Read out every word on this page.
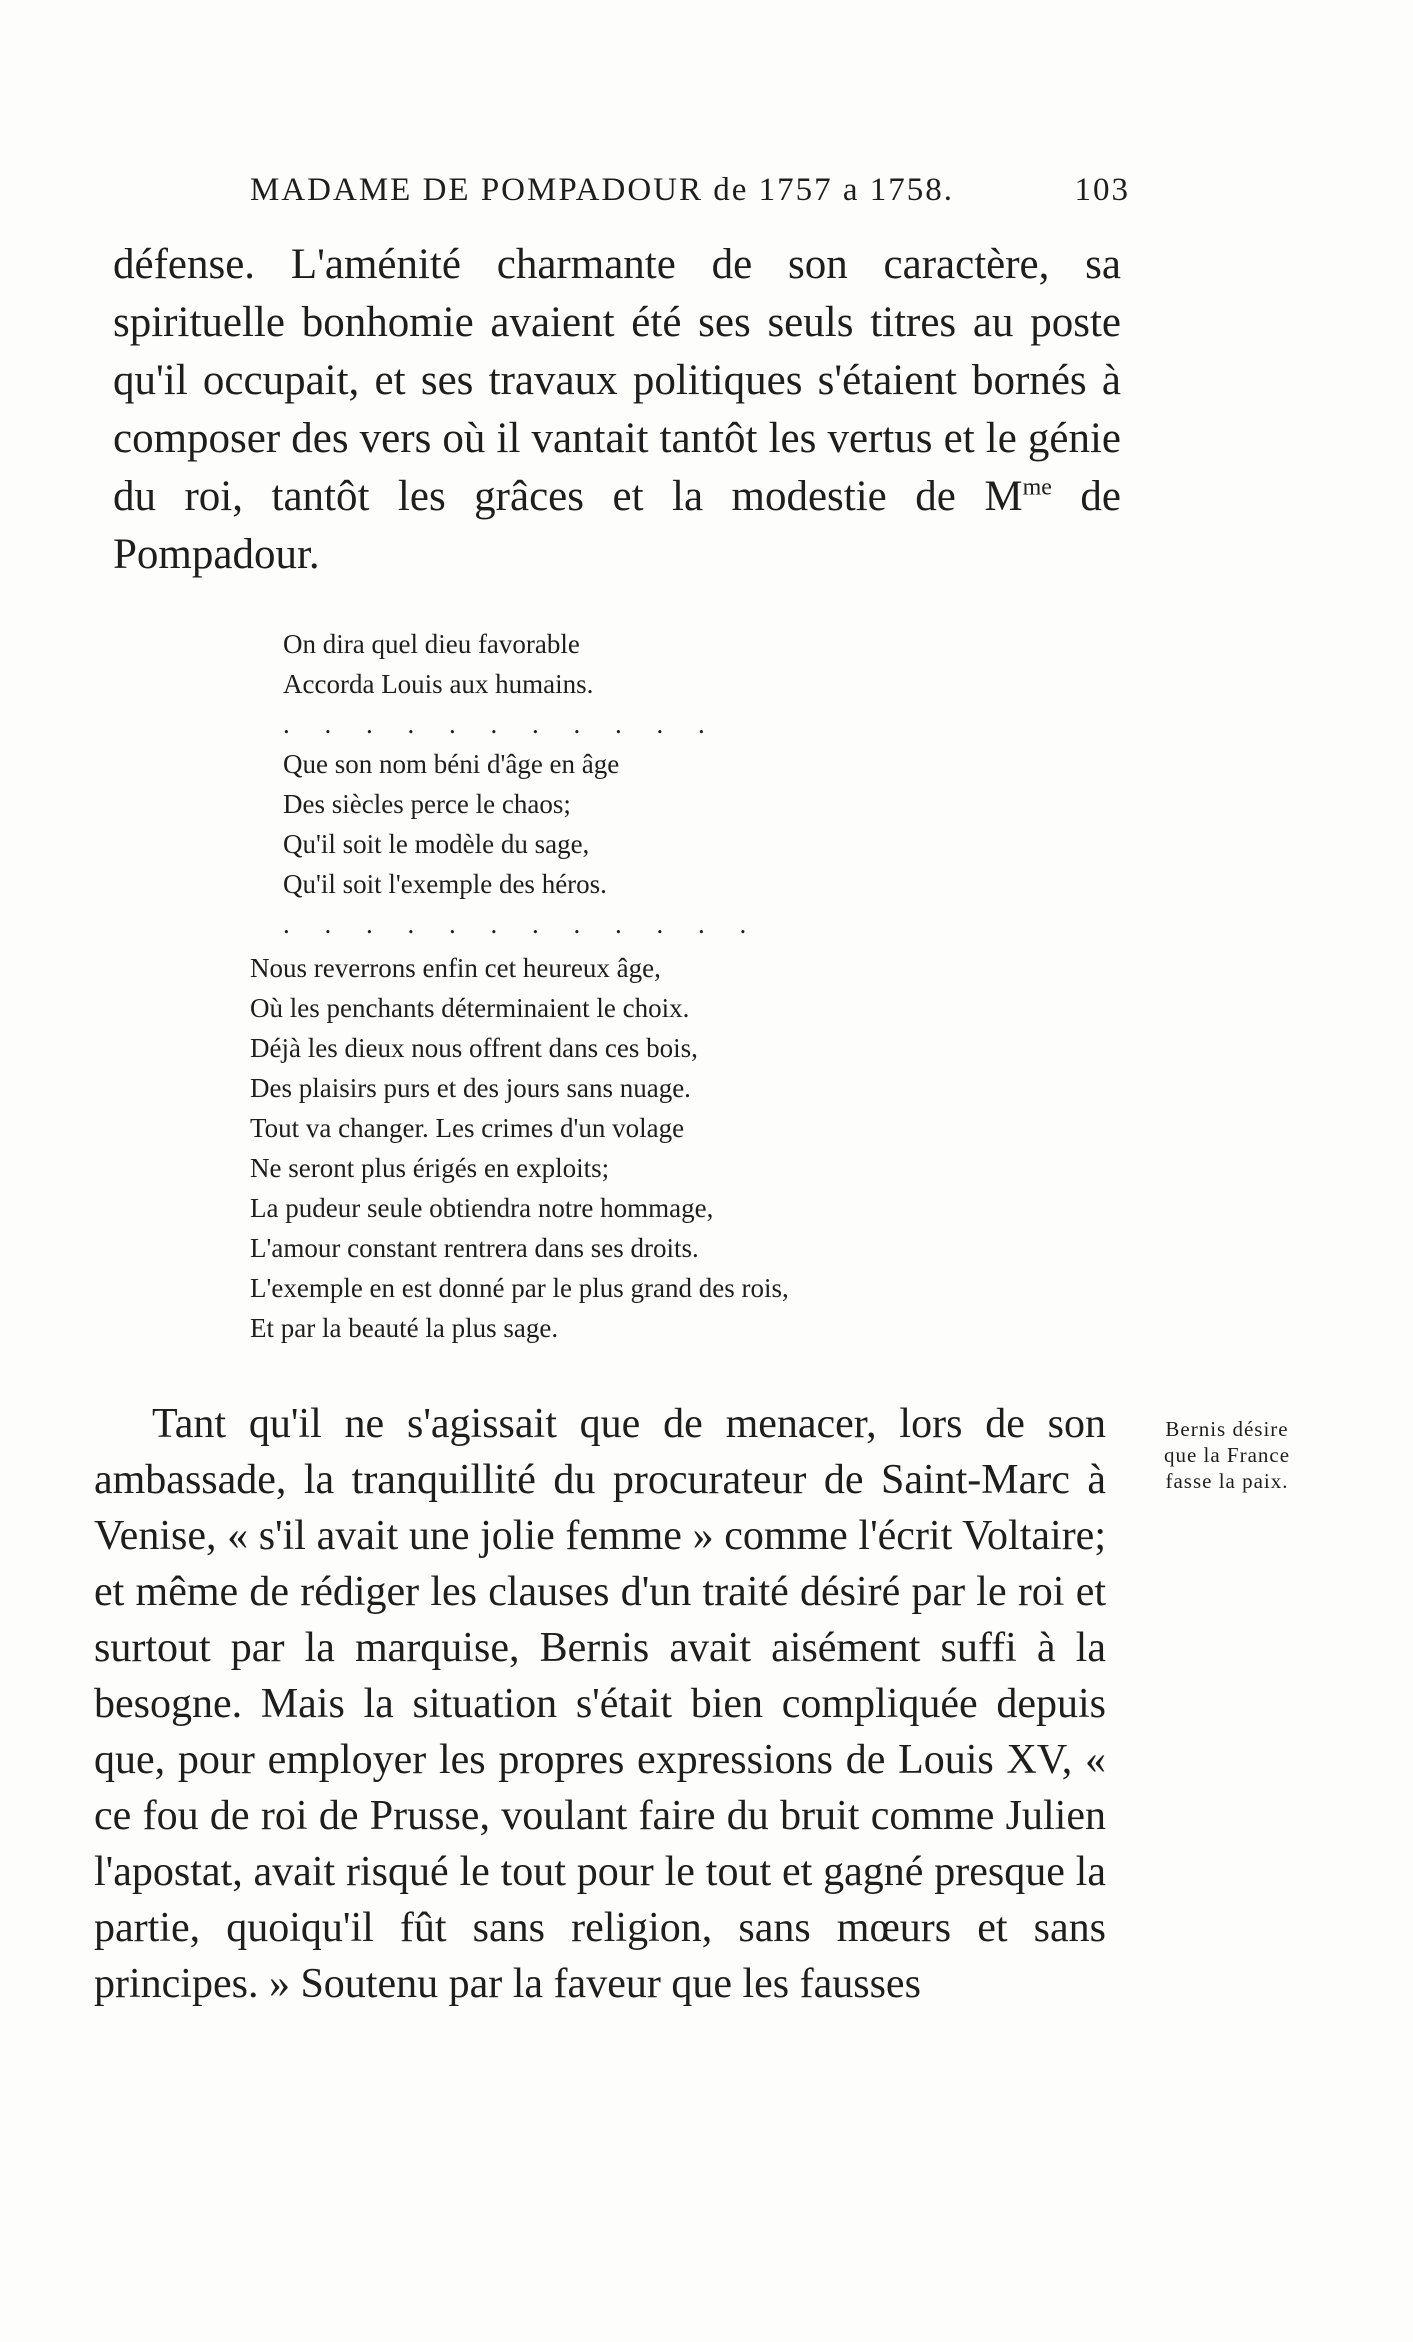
MADAME DE POMPADOUR de 1757 a 1758.	103

défense. L'aménité charmante de son caractère, sa spirituelle bonhomie avaient été ses seuls titres au poste qu'il occupait, et ses travaux politiques s'étaient bornés à composer des vers où il vantait tantôt les vertus et le génie du roi, tantôt les grâces et la modestie de $M^{me}$ de Pompadour.

On dira quel dieu favorable
Accorda Louis aux humains.
. . . . . . . . . . .
Que son nom béni d'âge en âge
Des siècles perce le chaos;
Qu'il soit le modèle du sage,
Qu'il soit l'exemple des héros.
. . . . . . . . . . . .
Nous reverrons enfin cet heureux âge,
Où les penchants déterminaient le choix.
Déjà les dieux nous offrent dans ces bois,
Des plaisirs purs et des jours sans nuage.
Tout va changer. Les crimes d'un volage
Ne seront plus érigés en exploits;
La pudeur seule obtiendra notre hommage,
L'amour constant rentrera dans ses droits.
L'exemple en est donné par le plus grand des rois,
Et par la beauté la plus sage.

Tant qu'il ne s'agissait que de menacer, lors de son ambassade, la tranquillité du procurateur de Saint-Marc à Venise, « s'il avait une jolie femme » comme l'écrit Voltaire; et même de rédiger les clauses d'un traité désiré par le roi et surtout par la marquise, Bernis avait aisément suffi à la besogne. Mais la situation s'était bien compliquée depuis que, pour employer les propres expressions de Louis XV, « ce fou de roi de Prusse, voulant faire du bruit comme Julien l'apostat, avait risqué le tout pour le tout et gagné presque la partie, quoiqu'il fût sans religion, sans mœurs et sans principes. » Soutenu par la faveur que les fausses

Bernis désire
que la France
fasse la paix.
